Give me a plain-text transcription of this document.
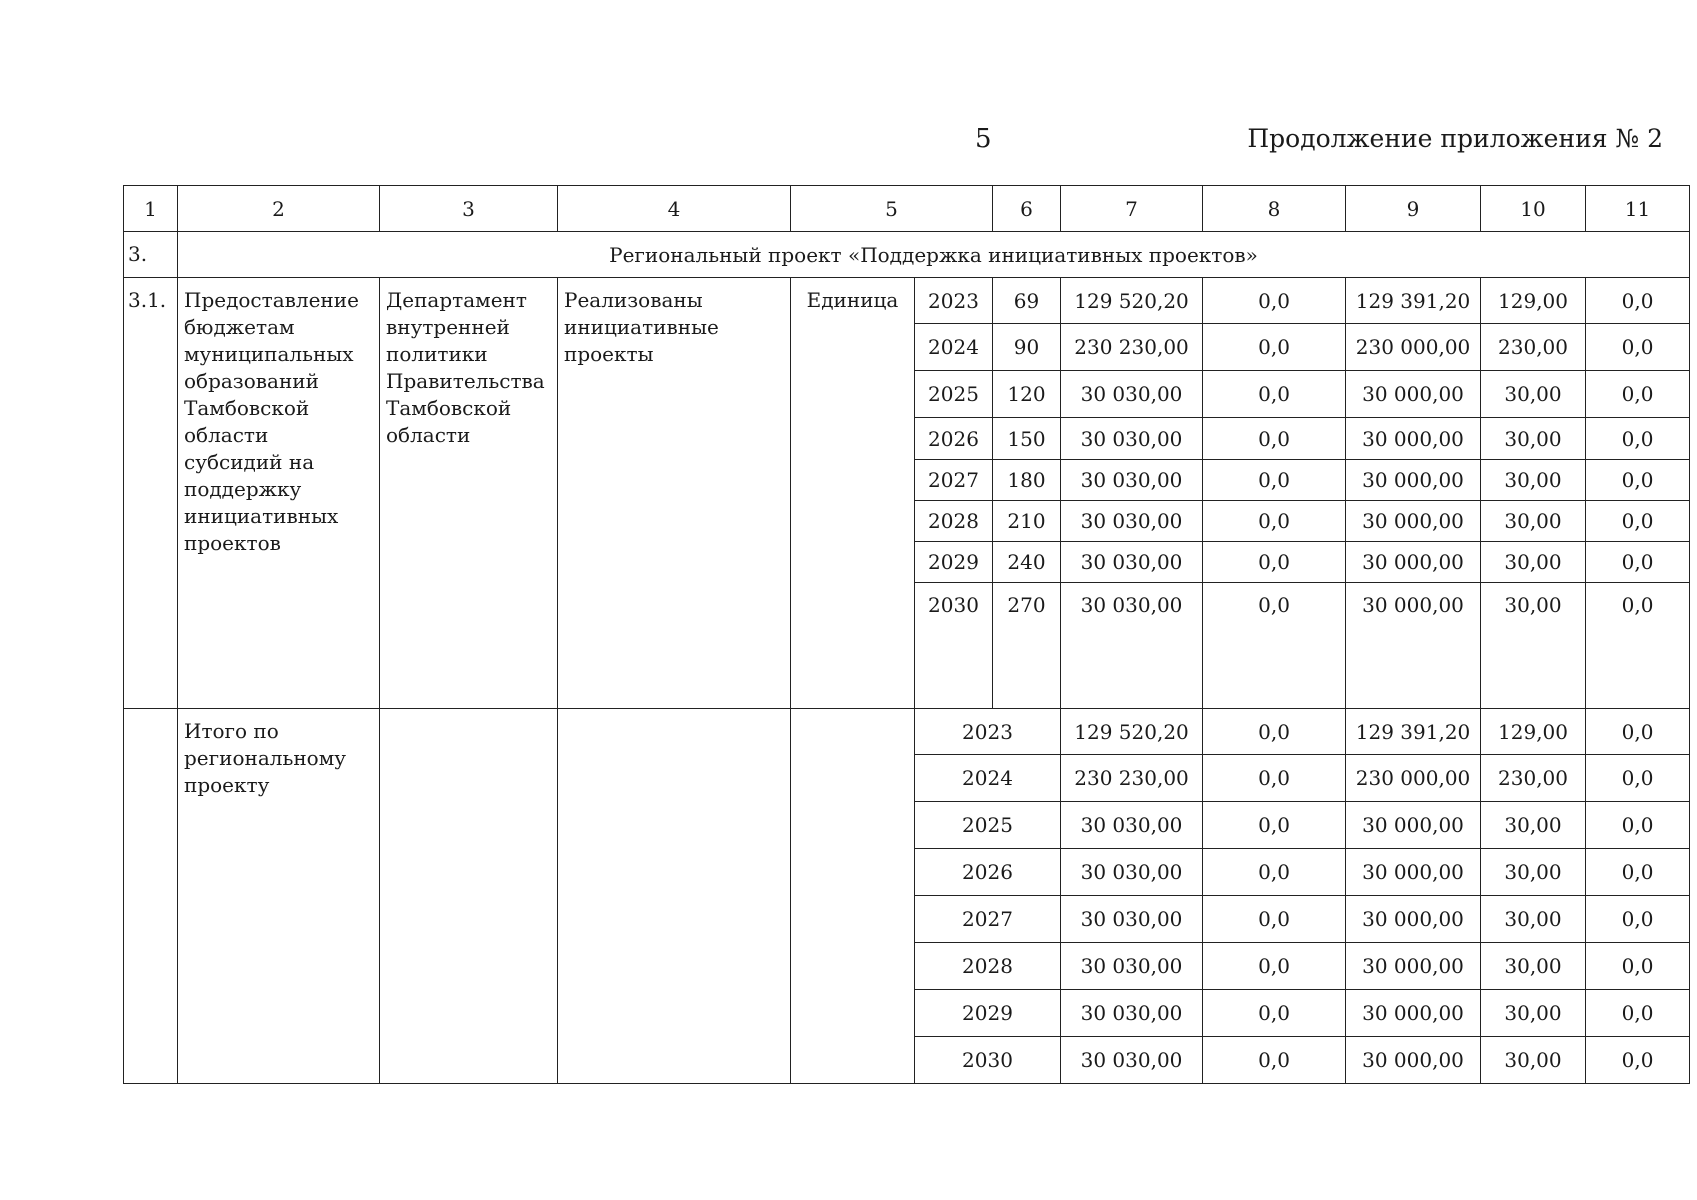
5	Продолжение приложения № 2
1	2	3	4	5		6	7	8	9	10	11
3.	Региональный проект «Поддержка инициативных проектов»										
3.1.	Предоставление бюджетам муниципальных образований Тамбовской области субсидий на поддержку инициативных проектов	Департамент внутренней политики Правительства Тамбовской области	Реализованы инициативные проекты	Единица	2023	69	129 520,20	0,0	129 391,20	129,00	0,0
					2024	90	230 230,00	0,0	230 000,00	230,00	0,0
					2025	120	30 030,00	0,0	30 000,00	30,00	0,0
					2026	150	30 030,00	0,0	30 000,00	30,00	0,0
					2027	180	30 030,00	0,0	30 000,00	30,00	0,0
					2028	210	30 030,00	0,0	30 000,00	30,00	0,0
					2029	240	30 030,00	0,0	30 000,00	30,00	0,0
					2030	270	30 030,00	0,0	30 000,00	30,00	0,0
	Итого по региональному проекту				2023		129 520,20	0,0	129 391,20	129,00	0,0
					2024		230 230,00	0,0	230 000,00	230,00	0,0
					2025		30 030,00	0,0	30 000,00	30,00	0,0
					2026		30 030,00	0,0	30 000,00	30,00	0,0
					2027		30 030,00	0,0	30 000,00	30,00	0,0
					2028		30 030,00	0,0	30 000,00	30,00	0,0
					2029		30 030,00	0,0	30 000,00	30,00	0,0
					2030		30 030,00	0,0	30 000,00	30,00	0,0
